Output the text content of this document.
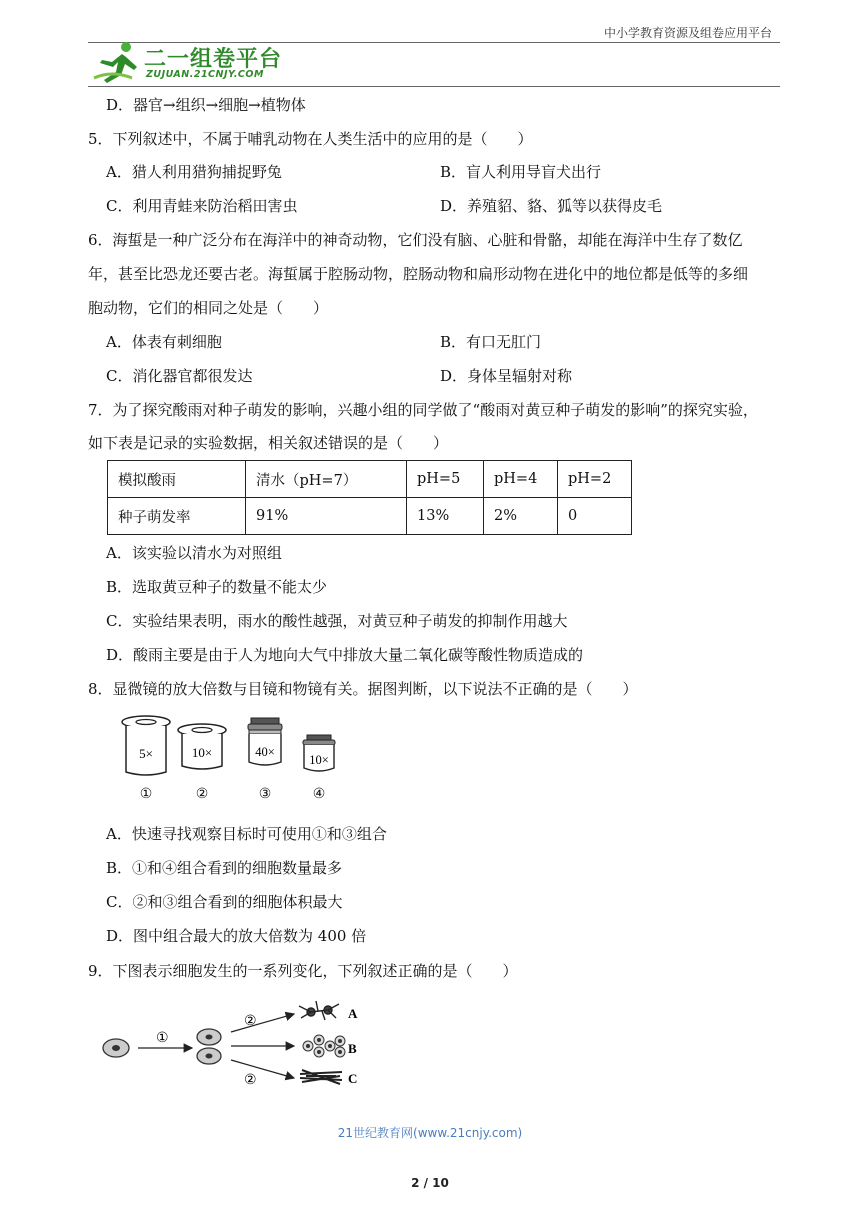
中小学教育资源及组卷应用平台
二一组卷平台
ZUJUAN.21CNJY.COM
D．器官→组织→细胞→植物体
5．下列叙述中，不属于哺乳动物在人类生活中的应用的是（　　）
A．猎人利用猎狗捕捉野兔	B．盲人利用导盲犬出行
C．利用青蛙来防治稻田害虫	D．养殖貂、貉、狐等以获得皮毛
6．海蜇是一种广泛分布在海洋中的神奇动物，它们没有脑、心脏和骨骼，却能在海洋中生存了数亿
年，甚至比恐龙还要古老。海蜇属于腔肠动物，腔肠动物和扁形动物在进化中的地位都是低等的多细
胞动物，它们的相同之处是（　　）
A．体表有刺细胞	B．有口无肛门
C．消化器官都很发达	D．身体呈辐射对称
7．为了探究酸雨对种子萌发的影响，兴趣小组的同学做了“酸雨对黄豆种子萌发的影响”的探究实验，
如下表是记录的实验数据，相关叙述错误的是（　　）
模拟酸雨	清水（pH=7）	pH=5	pH=4	pH=2
种子萌发率	91%	13%	2%	0
A．该实验以清水为对照组
B．选取黄豆种子的数量不能太少
C．实验结果表明，雨水的酸性越强，对黄豆种子萌发的抑制作用越大
D．酸雨主要是由于人为地向大气中排放大量二氧化碳等酸性物质造成的
8．显微镜的放大倍数与目镜和物镜有关。据图判断，以下说法不正确的是（　　）
5×	10×	40×
10×
①	②	③	④
A．快速寻找观察目标时可使用①和③组合
B．①和④组合看到的细胞数量最多
C．②和③组合看到的细胞体积最大
D．图中组合最大的放大倍数为 400 倍
9．下图表示细胞发生的一系列变化，下列叙述正确的是（　　）
①
②
②
A
B
C
21世纪教育网(www.21cnjy.com)
2 / 10
